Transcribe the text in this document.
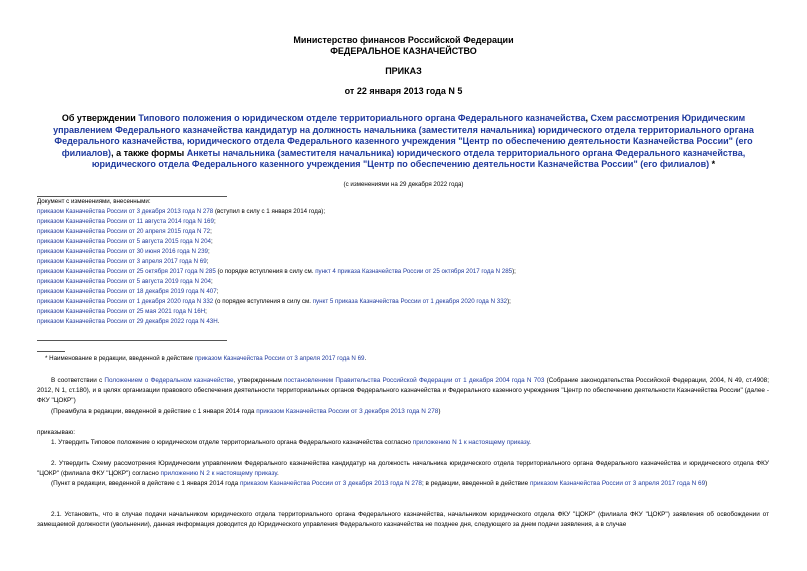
Министерство финансов Российской Федерации
ФЕДЕРАЛЬНОЕ КАЗНАЧЕЙСТВО
ПРИКАЗ
от 22 января 2013 года N 5
Об утверждении Типового положения о юридическом отделе территориального органа Федерального казначейства, Схем рассмотрения Юридическим управлением Федерального казначейства кандидатур на должность начальника (заместителя начальника) юридического отдела территориального органа Федерального казначейства, юридического отдела Федерального казенного учреждения "Центр по обеспечению деятельности Казначейства России" (его филиалов), а также формы Анкеты начальника (заместителя начальника) юридического отдела территориального органа Федерального казначейства, юридического отдела Федерального казенного учреждения "Центр по обеспечению деятельности Казначейства России" (его филиалов) *
(с изменениями на 29 декабря 2022 года)
Документ с изменениями, внесенными:
приказом Казначейства России от 3 декабря 2013 года N 278 (вступил в силу с 1 января 2014 года);
приказом Казначейства России от 11 августа 2014 года N 169;
приказом Казначейства России от 20 апреля 2015 года N 72;
приказом Казначейства России от 5 августа 2015 года N 204;
приказом Казначейства России от 30 июня 2016 года N 239;
приказом Казначейства России от 3 апреля 2017 года N 69;
приказом Казначейства России от 25 октября 2017 года N 285 (о порядке вступления в силу см. пункт 4 приказа Казначейства России от 25 октября 2017 года N 285);
приказом Казначейства России от 5 августа 2019 года N 204;
приказом Казначейства России от 18 декабря 2019 года N 407;
приказом Казначейства России от 1 декабря 2020 года N 332 (о порядке вступления в силу см. пункт 5 приказа Казначейства России от 1 декабря 2020 года N 332);
приказом Казначейства России от 25 мая 2021 года N 16Н;
приказом Казначейства России от 29 декабря 2022 года N 43Н.
* Наименование в редакции, введенной в действие приказом Казначейства России от 3 апреля 2017 года N 69.
В соответствии с Положением о Федеральном казначействе, утвержденным постановлением Правительства Российской Федерации от 1 декабря 2004 года N 703 (Собрание законодательства Российской Федерации, 2004, N 49, ст.4908; 2012, N 1, ст.180), и в целях организации правового обеспечения деятельности территориальных органов Федерального казначейства и Федерального казенного учреждения "Центр по обеспечению деятельности Казначейства России" (далее - ФКУ "ЦОКР")
(Преамбула в редакции, введенной в действие с 1 января 2014 года приказом Казначейства России от 3 декабря 2013 года N 278)
приказываю:
1. Утвердить Типовое положение о юридическом отделе территориального органа Федерального казначейства согласно приложению N 1 к настоящему приказу.
2. Утвердить Схему рассмотрения Юридическим управлением Федерального казначейства кандидатур на должность начальника юридического отдела территориального органа Федерального казначейства и юридического отдела ФКУ "ЦОКР" (филиала ФКУ "ЦОКР") согласно приложению N 2 к настоящему приказу.
(Пункт в редакции, введенной в действие с 1 января 2014 года приказом Казначейства России от 3 декабря 2013 года N 278; в редакции, введенной в действие приказом Казначейства России от 3 апреля 2017 года N 69)
2.1. Установить, что в случае подачи начальником юридического отдела территориального органа Федерального казначейства, начальником юридического отдела ФКУ "ЦОКР" (филиала ФКУ "ЦОКР") заявления об освобождении от замещаемой должности (увольнении), данная информация доводится до Юридического управления Федерального казначейства не позднее дня, следующего за днем подачи заявления, а в случае
